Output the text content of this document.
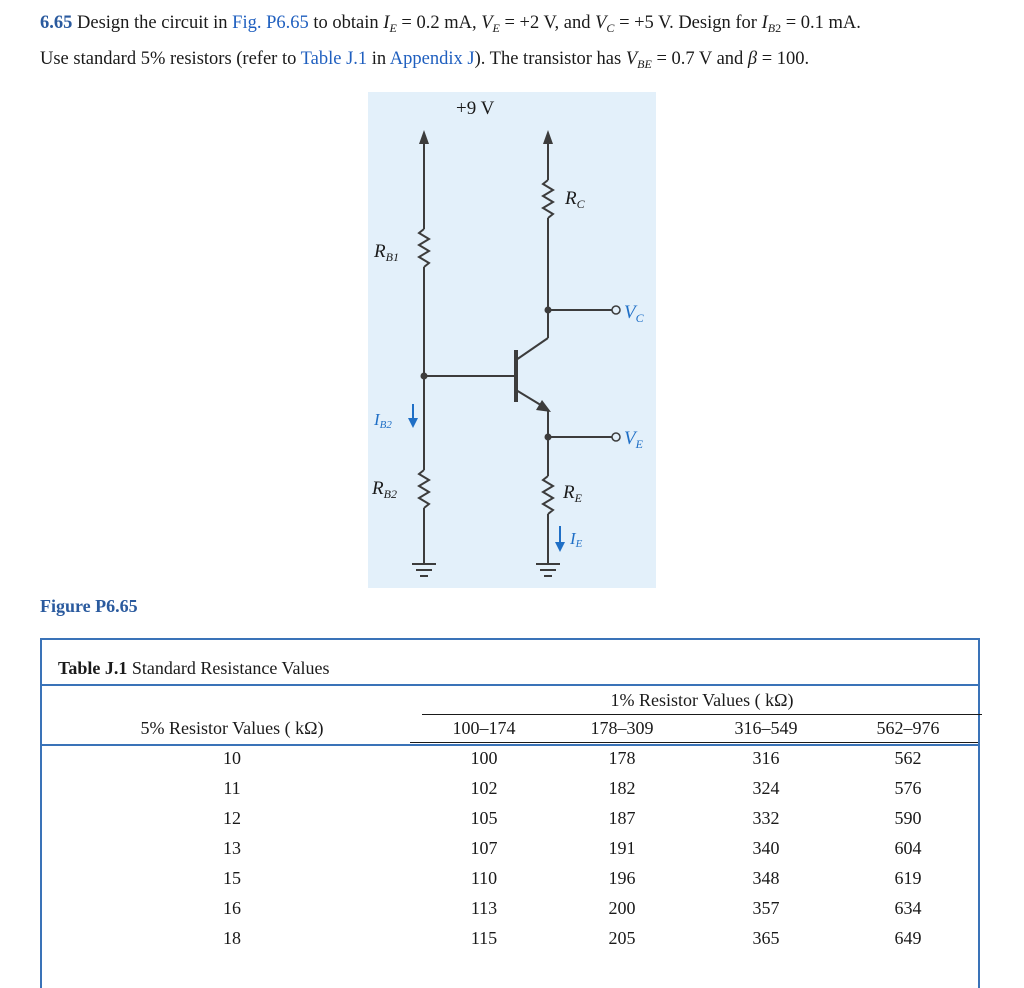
6.65 Design the circuit in Fig. P6.65 to obtain $I_E = 0.2$ mA, $V_E = +2$ V, and $V_C = +5$ V. Design for $I_{B2} = 0.1$ mA.
Use standard 5% resistors (refer to Table J.1 in Appendix J). The transistor has $V_{BE} = 0.7$ V and β = 100.
+9 V
$R_{B1}$
$R_C$
$V_C$
IB2
$V_E$
$R_{B2}$	$R_E$
IE
Figure P6.65
Table J.1 Standard Resistance Values
1% Resistor Values ( kΩ)
5% Resistor Values ( kΩ)	100–174	178–309	316–549	562–976
10	100	178	316	562
11	102	182	324	576
12	105	187	332	590
13	107	191	340	604
15	110	196	348	619
16	113	200	357	634
18	115	205	365	649
